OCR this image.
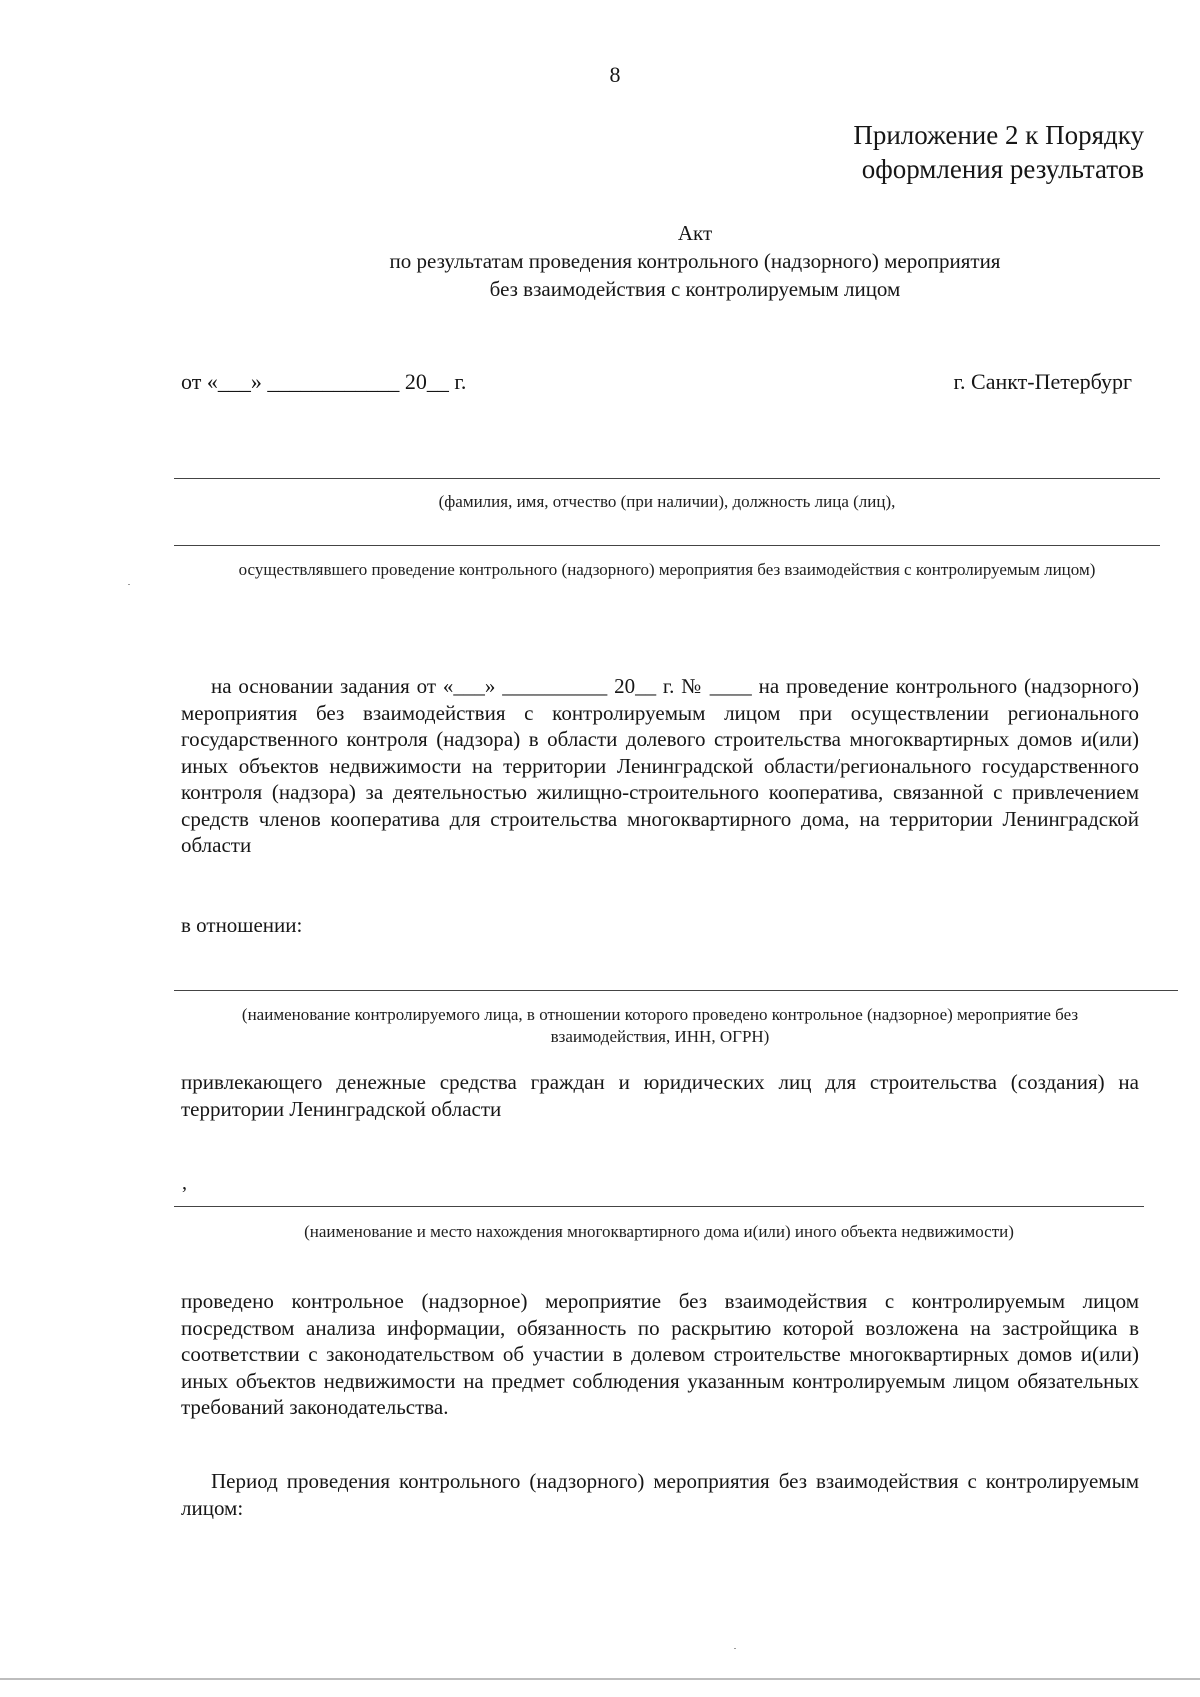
8
Приложение 2 к Порядку
оформления результатов
Акт
по результатам проведения контрольного (надзорного) мероприятия
без взаимодействия с контролируемым лицом
от «___» ____________ 20__ г.	г. Санкт-Петербург
(фамилия, имя, отчество (при наличии), должность лица (лиц),
осуществлявшего проведение контрольного (надзорного) мероприятия без взаимодействия с контролируемым лицом)
на основании задания от «___» __________ 20__ г. № ____ на проведение контрольного (надзорного) мероприятия без взаимодействия с контролируемым лицом при осуществлении регионального государственного контроля (надзора) в области долевого строительства многоквартирных домов и(или) иных объектов недвижимости на территории Ленинградской области/регионального государственного контроля (надзора) за деятельностью жилищно-строительного кооператива, связанной с привлечением средств членов кооператива для строительства многоквартирного дома, на территории Ленинградской области
в отношении:
(наименование контролируемого лица, в отношении которого проведено контрольное (надзорное) мероприятие без взаимодействия, ИНН, ОГРН)
привлекающего денежные средства граждан и юридических лиц для строительства (создания) на территории Ленинградской области
,
(наименование и место нахождения многоквартирного дома и(или) иного объекта недвижимости)
проведено контрольное (надзорное) мероприятие без взаимодействия с контролируемым лицом посредством анализа информации, обязанность по раскрытию которой возложена на застройщика в соответствии с законодательством об участии в долевом строительстве многоквартирных домов и(или) иных объектов недвижимости на предмет соблюдения указанным контролируемым лицом обязательных требований законодательства.
Период проведения контрольного (надзорного) мероприятия без взаимодействия с контролируемым лицом:
